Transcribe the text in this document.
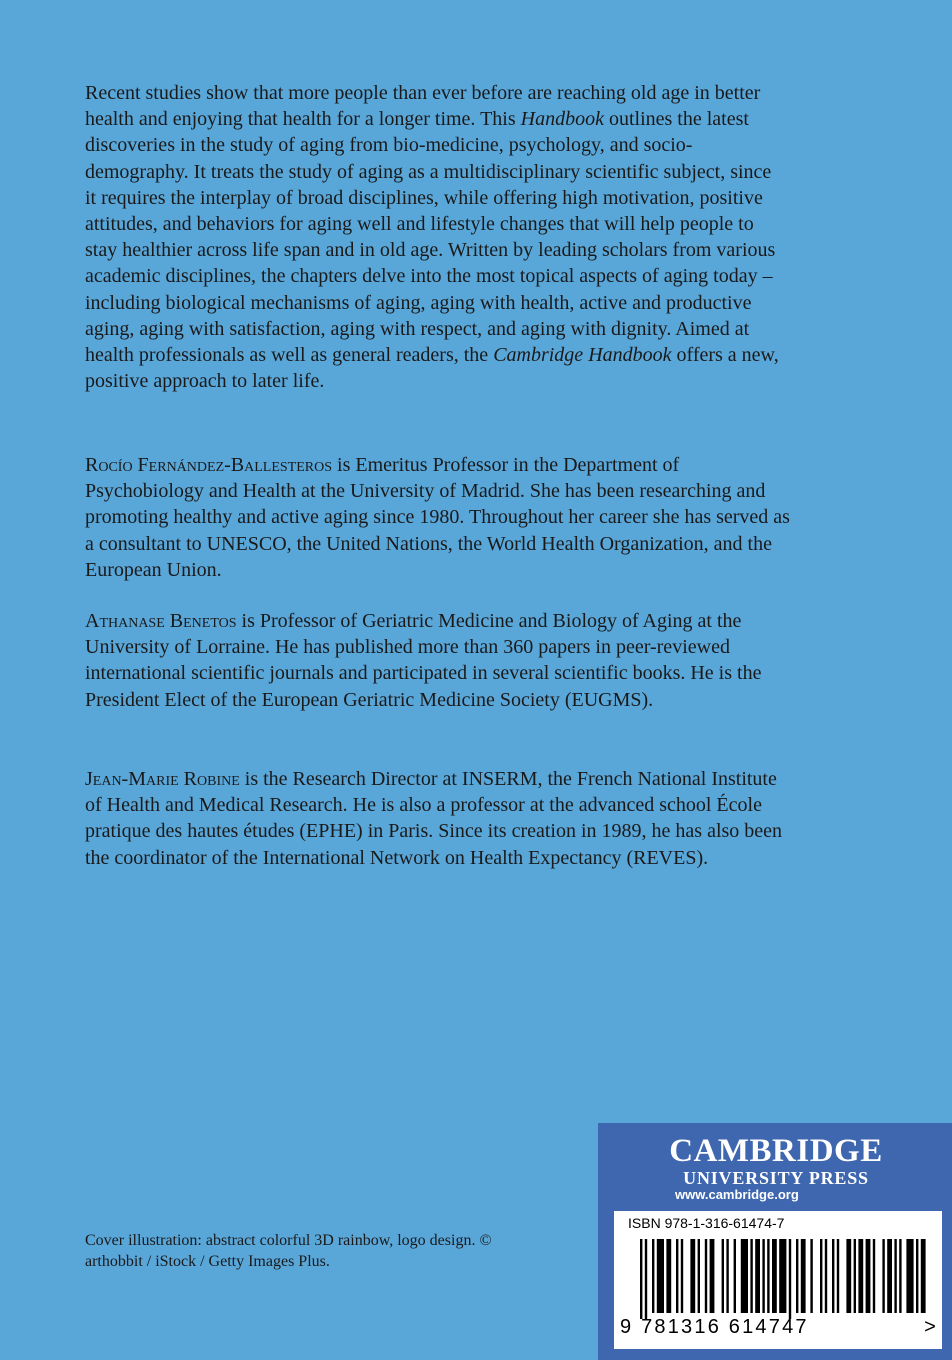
Recent studies show that more people than ever before are reaching old age in better health and enjoying that health for a longer time. This Handbook outlines the latest discoveries in the study of aging from bio-medicine, psychology, and socio-demography. It treats the study of aging as a multidisciplinary scientific subject, since it requires the interplay of broad disciplines, while offering high motivation, positive attitudes, and behaviors for aging well and lifestyle changes that will help people to stay healthier across life span and in old age. Written by leading scholars from various academic disciplines, the chapters delve into the most topical aspects of aging today – including biological mechanisms of aging, aging with health, active and productive aging, aging with satisfaction, aging with respect, and aging with dignity. Aimed at health professionals as well as general readers, the Cambridge Handbook offers a new, positive approach to later life.

Rocío Fernández-Ballesteros is Emeritus Professor in the Department of Psychobiology and Health at the University of Madrid. She has been researching and promoting healthy and active aging since 1980. Throughout her career she has served as a consultant to UNESCO, the United Nations, the World Health Organization, and the European Union.

Athanase Benetos is Professor of Geriatric Medicine and Biology of Aging at the University of Lorraine. He has published more than 360 papers in peer-reviewed international scientific journals and participated in several scientific books. He is the President Elect of the European Geriatric Medicine Society (EUGMS).

Jean-Marie Robine is the Research Director at INSERM, the French National Institute of Health and Medical Research. He is also a professor at the advanced school École pratique des hautes études (EPHE) in Paris. Since its creation in 1989, he has also been the coordinator of the International Network on Health Expectancy (REVES).

Cover illustration: abstract colorful 3D rainbow, logo design. © arthobbit / iStock / Getty Images Plus.
CAMBRIDGE
UNIVERSITY PRESS
www.cambridge.org
ISBN 978-1-316-61474-7
9 781316 614747	>
